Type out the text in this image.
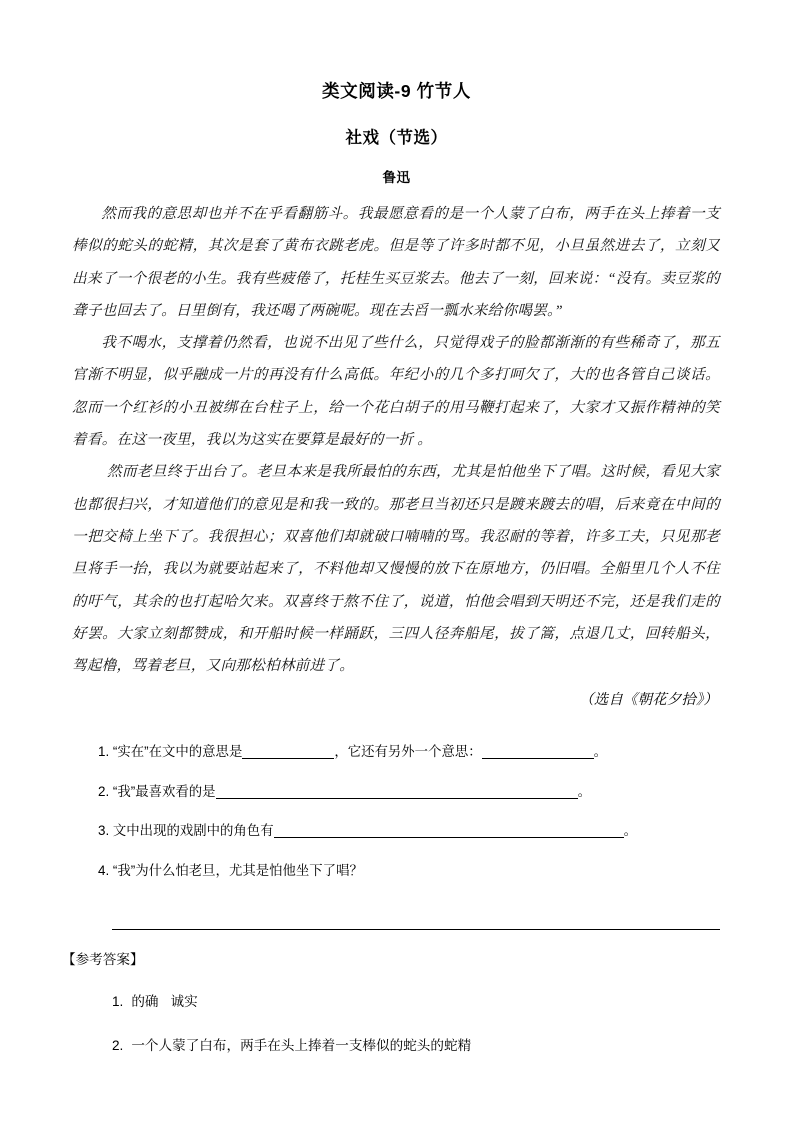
类文阅读-9 竹节人
社戏（节选）
鲁迅

然而我的意思却也并不在乎看翻筋斗。我最愿意看的是一个人蒙了白布，两手在头上捧着一支棒似的蛇头的蛇精，其次是套了黄布衣跳老虎。但是等了许多时都不见，小旦虽然进去了，立刻又出来了一个很老的小生。我有些疲倦了，托桂生买豆浆去。他去了一刻，回来说：“没有。卖豆浆的聋子也回去了。日里倒有，我还喝了两碗呢。现在去舀一瓢水来给你喝罢。”

我不喝水，支撑着仍然看，也说不出见了些什么，只觉得戏子的脸都渐渐的有些稀奇了，那五官渐不明显，似乎融成一片的再没有什么高低。年纪小的几个多打呵欠了，大的也各管自己谈话。忽而一个红衫的小丑被绑在台柱子上，给一个花白胡子的用马鞭打起来了，大家才又振作精神的笑着看。在这一夜里，我以为这实在要算是最好的一折 。

然而老旦终于出台了。老旦本来是我所最怕的东西，尤其是怕他坐下了唱。这时候，看见大家也都很扫兴，才知道他们的意见是和我一致的。那老旦当初还只是踱来踱去的唱，后来竟在中间的一把交椅上坐下了。我很担心；双喜他们却就破口喃喃的骂。我忍耐的等着，许多工夫，只见那老旦将手一抬，我以为就要站起来了，不料他却又慢慢的放下在原地方，仍旧唱。全船里几个人不住的吁气，其余的也打起哈欠来。双喜终于熬不住了，说道，怕他会唱到天明还不完，还是我们走的好罢。大家立刻都赞成，和开船时候一样踊跃，三四人径奔船尾，拔了篙，点退几丈，回转船头，驾起橹，骂着老旦，又向那松柏林前进了。

（选自《朝花夕拾》）
1. “实在”在文中的意思是	，它还有另外一个意思：	。
2. “我”最喜欢看的是	。
3. 文中出现的戏剧中的角色有	。
4. “我”为什么怕老旦，尤其是怕他坐下了唱？
【参考答案】
1. 的确 诚实
2. 一个人蒙了白布，两手在头上捧着一支棒似的蛇头的蛇精
